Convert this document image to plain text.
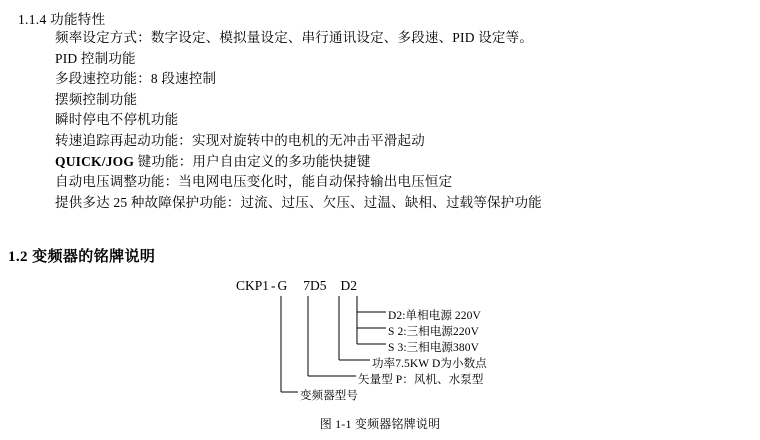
1.1.4 功能特性
频率设定方式：数字设定、模拟量设定、串行通讯设定、多段速、PID 设定等。
PID 控制功能
多段速控功能：8 段速控制
摆频控制功能
瞬时停电不停机功能
转速追踪再起动功能：实现对旋转中的电机的无冲击平滑起动
QUICK/JOG 键功能：用户自由定义的多功能快捷键
自动电压调整功能：当电网电压变化时，能自动保持输出电压恒定
提供多达 25 种故障保护功能：过流、过压、欠压、过温、缺相、过载等保护功能
1.2 变频器的铭牌说明
CKP1 - G 7D5 D2
D2:单相电源 220V
S 2:三相电源220V
S 3:三相电源380V
功率7.5KW D为小数点
矢量型 P：风机、水泵型
变频器型号
图 1-1 变频器铭牌说明
